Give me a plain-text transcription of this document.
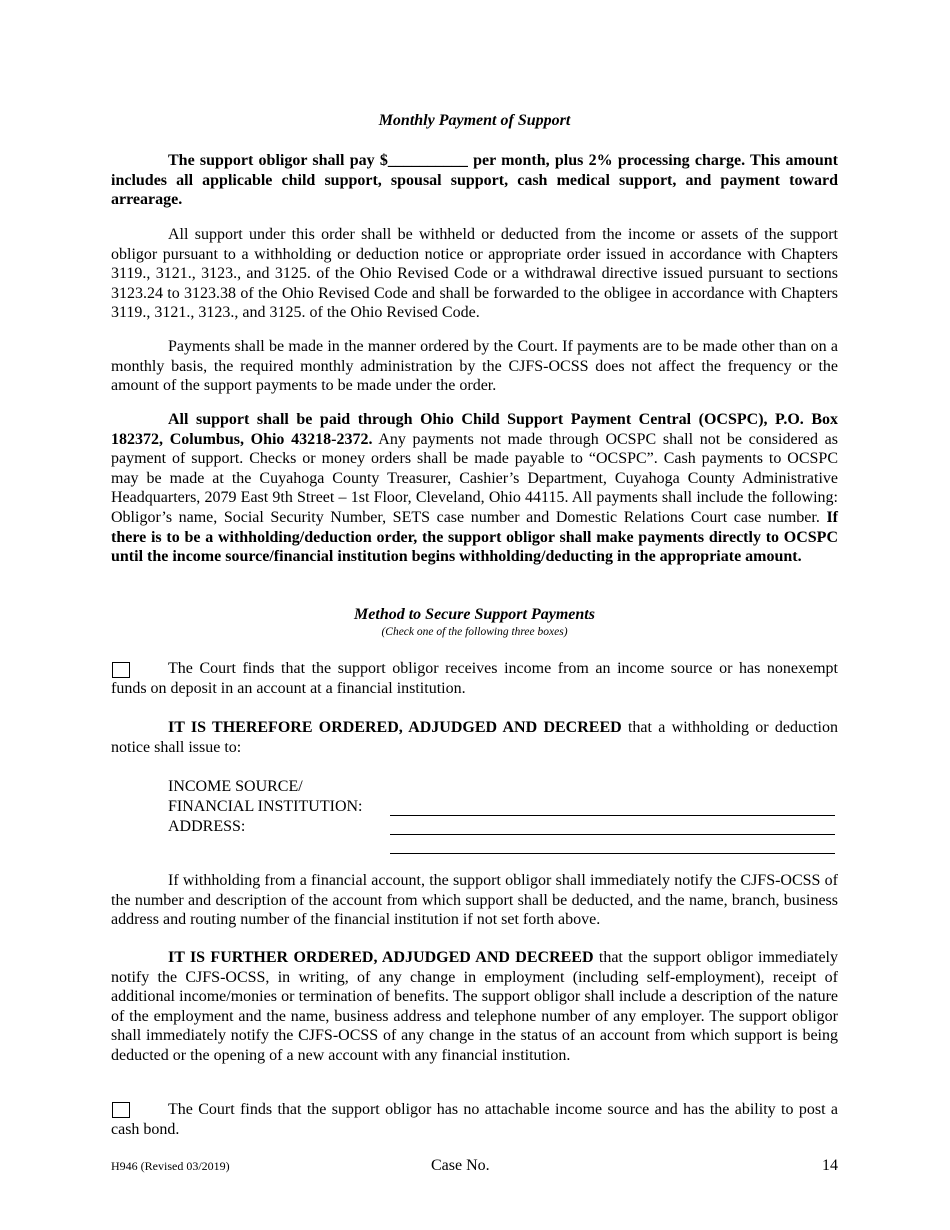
Monthly Payment of Support

The support obligor shall pay $__________ per month, plus 2% processing charge. This amount includes all applicable child support, spousal support, cash medical support, and payment toward arrearage.

All support under this order shall be withheld or deducted from the income or assets of the support obligor pursuant to a withholding or deduction notice or appropriate order issued in accordance with Chapters 3119., 3121., 3123., and 3125. of the Ohio Revised Code or a withdrawal directive issued pursuant to sections 3123.24 to 3123.38 of the Ohio Revised Code and shall be forwarded to the obligee in accordance with Chapters 3119., 3121., 3123., and 3125. of the Ohio Revised Code.

Payments shall be made in the manner ordered by the Court. If payments are to be made other than on a monthly basis, the required monthly administration by the CJFS-OCSS does not affect the frequency or the amount of the support payments to be made under the order.

All support shall be paid through Ohio Child Support Payment Central (OCSPC), P.O. Box 182372, Columbus, Ohio 43218-2372. Any payments not made through OCSPC shall not be considered as payment of support. Checks or money orders shall be made payable to “OCSPC”. Cash payments to OCSPC may be made at the Cuyahoga County Treasurer, Cashier’s Department, Cuyahoga County Administrative Headquarters, 2079 East 9th Street – 1st Floor, Cleveland, Ohio 44115. All payments shall include the following: Obligor’s name, Social Security Number, SETS case number and Domestic Relations Court case number. If there is to be a withholding/deduction order, the support obligor shall make payments directly to OCSPC until the income source/financial institution begins withholding/deducting in the appropriate amount.

Method to Secure Support Payments
(Check one of the following three boxes)

The Court finds that the support obligor receives income from an income source or has nonexempt funds on deposit in an account at a financial institution.

IT IS THEREFORE ORDERED, ADJUDGED AND DECREED that a withholding or deduction notice shall issue to:

INCOME SOURCE/
FINANCIAL INSTITUTION:
ADDRESS:

If withholding from a financial account, the support obligor shall immediately notify the CJFS-OCSS of the number and description of the account from which support shall be deducted, and the name, branch, business address and routing number of the financial institution if not set forth above.

IT IS FURTHER ORDERED, ADJUDGED AND DECREED that the support obligor immediately notify the CJFS-OCSS, in writing, of any change in employment (including self-employment), receipt of additional income/monies or termination of benefits. The support obligor shall include a description of the nature of the employment and the name, business address and telephone number of any employer. The support obligor shall immediately notify the CJFS-OCSS of any change in the status of an account from which support is being deducted or the opening of a new account with any financial institution.

The Court finds that the support obligor has no attachable income source and has the ability to post a cash bond.

H946 (Revised 03/2019)	Case No.	14
